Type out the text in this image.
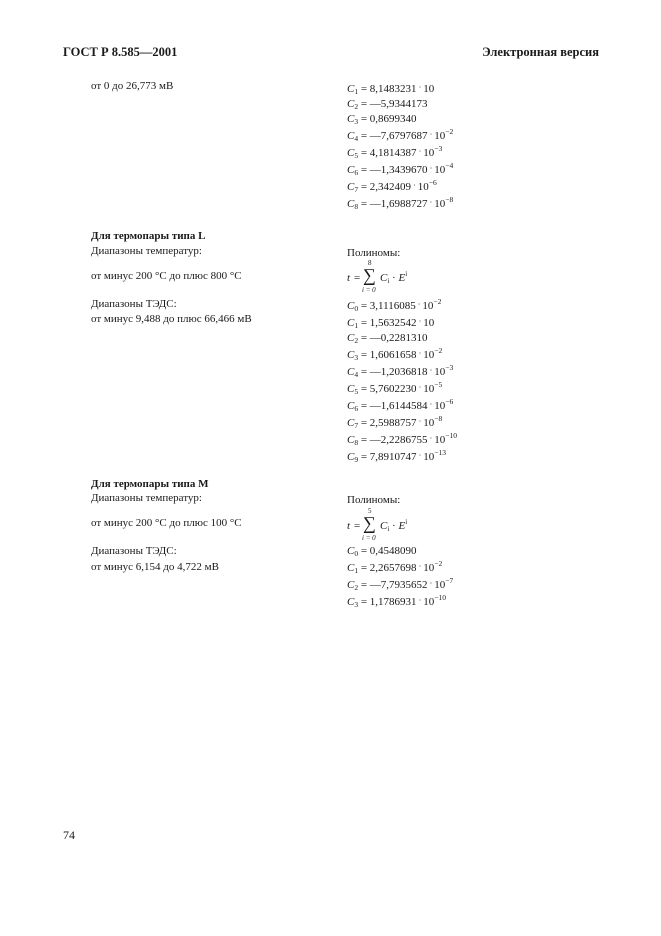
ГОСТ Р 8.585—2001	Электронная версия
от 0 до 26,773 мВ	$C_1 = 8,1483231 \cdot 10$
$C_2$ = —5,9344173
$C_3 = 0,8699340$
$C_4$ = —7,6797687 · $10^{-2}$
$C_5 = 4,1814387 \cdot 10^{-3}$
$C_6$ = —1,3439670 · $10^{-4}$
$C_7 = 2,342409 \cdot 10^{-6}$
$C_8$ = —1,6988727 · $10^{-8}$
Для термопары типа L
Диапазоны температур:	Полиномы:
от минус 200 °С до плюс 800 °С	t = ∑
8
i = 0
$C_i \cdot E^i$
Диапазоны ТЭДС:
от минус 9,488 до плюс 66,466 мВ
$C_0 = 3,1116085 \cdot 10^{-2}$
$C_1 = 1,5632542 \cdot 10$
$C_2$ = —0,2281310
$C_3 = 1,6061658 \cdot 10^{-2}$
$C_4$ = —1,2036818 · $10^{-3}$
$C_5 = 5,7602230 \cdot 10^{-5}$
$C_6$ = —1,6144584 · $10^{-6}$
$C_7 = 2,5988757 \cdot 10^{-8}$
$C_8$ = —2,2286755 · $10^{-10}$
$C_9 = 7,8910747 \cdot 10^{-13}$
Для термопары типа М
Диапазоны температур:	Полиномы:
от минус 200 °С до плюс 100 °С	t = ∑
5
i = 0
$C_i \cdot E^i$
Диапазоны ТЭДС:
от минус 6,154 до 4,722 мВ
$C_0 = 0,4548090$
$C_1 = 2,2657698 \cdot 10^{-2}$
$C_2$ = —7,7935652 · $10^{-7}$
$C_3 = 1,1786931 \cdot 10^{-10}$
74
